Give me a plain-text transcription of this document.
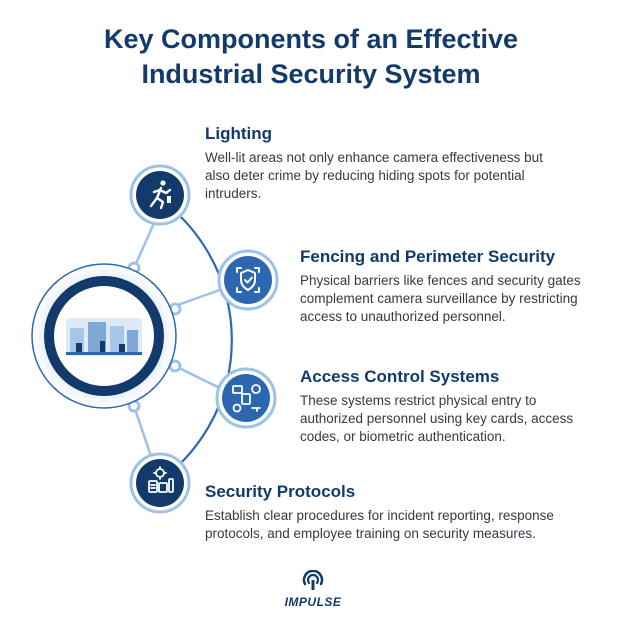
Key Components of an Effective
Industrial Security System
Lighting

Well-lit areas not only enhance camera effectiveness but also deter crime by reducing hiding spots for potential intruders.

Fencing and Perimeter Security

Physical barriers like fences and security gates complement camera surveillance by restricting access to unauthorized personnel.

Access Control Systems

These systems restrict physical entry to authorized personnel using key cards, access codes, or biometric authentication.

Security Protocols

Establish clear procedures for incident reporting, response protocols, and employee training on security measures.

IMPULSE
